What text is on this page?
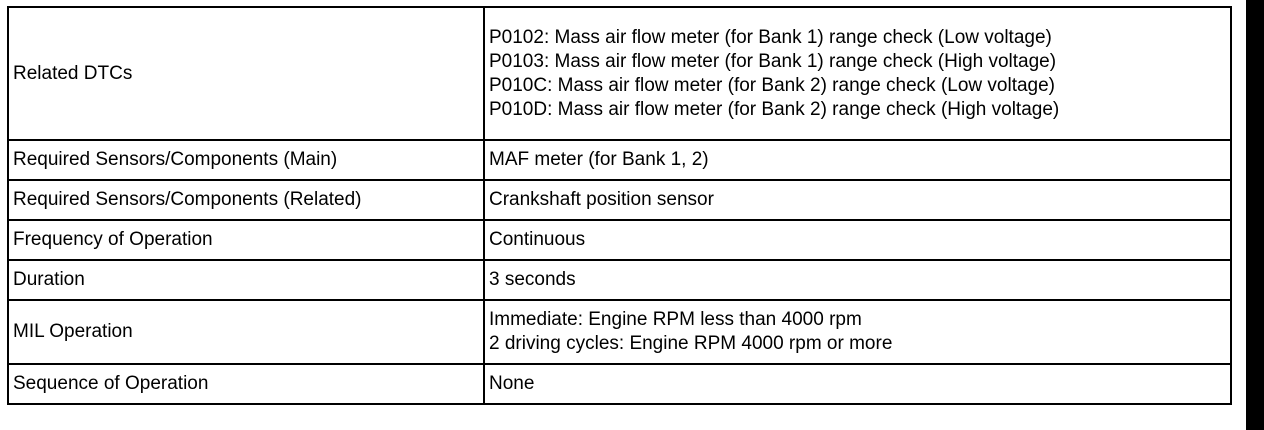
Related DTCs	P0102: Mass air flow meter (for Bank 1) range check (Low voltage)
P0103: Mass air flow meter (for Bank 1) range check (High voltage)
P010C: Mass air flow meter (for Bank 2) range check (Low voltage)
P010D: Mass air flow meter (for Bank 2) range check (High voltage)

Required Sensors/Components (Main)	MAF meter (for Bank 1, 2)

Required Sensors/Components (Related)	Crankshaft position sensor

Frequency of Operation	Continuous

Duration	3 seconds

MIL Operation	Immediate: Engine RPM less than 4000 rpm
2 driving cycles: Engine RPM 4000 rpm or more

Sequence of Operation	None
